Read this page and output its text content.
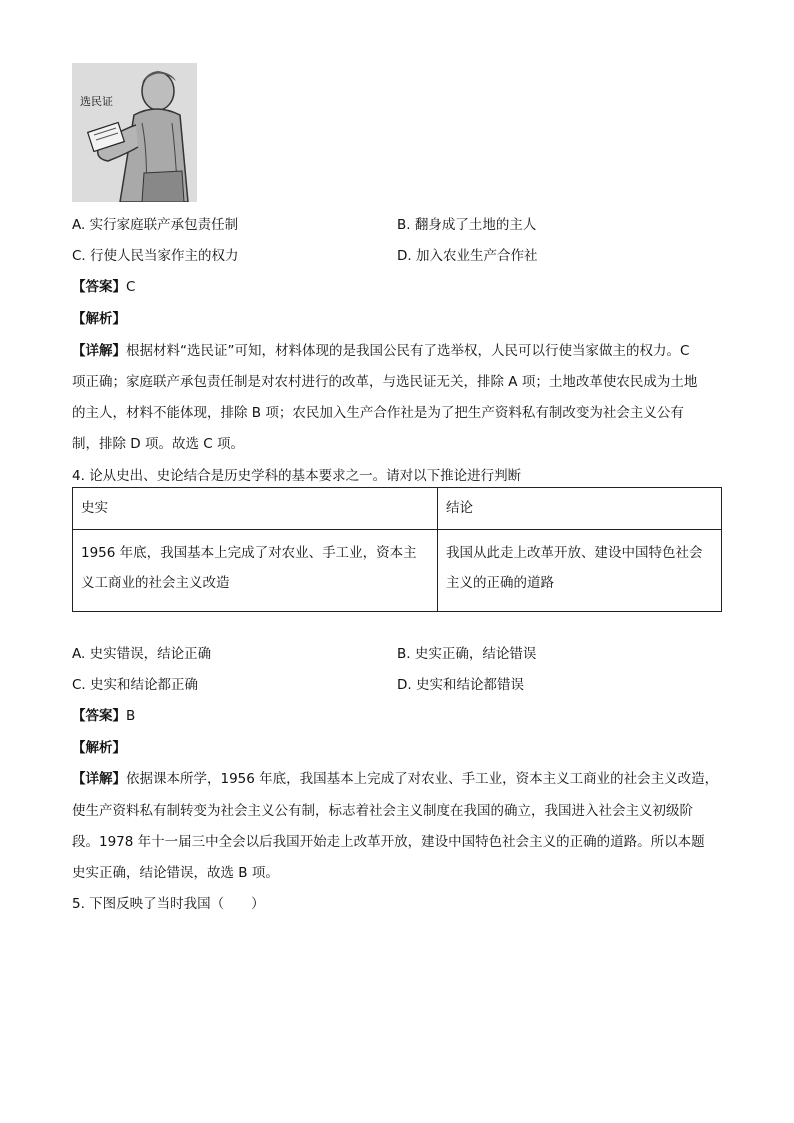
选民证
A. 实行家庭联产承包责任制	B. 翻身成了土地的主人
C. 行使人民当家作主的权力	D. 加入农业生产合作社
【答案】C
【解析】
【详解】根据材料“选民证”可知，材料体现的是我国公民有了选举权，人民可以行使当家做主的权力。C
项正确；家庭联产承包责任制是对农村进行的改革，与选民证无关，排除 A 项；土地改革使农民成为土地
的主人，材料不能体现，排除 B 项；农民加入生产合作社是为了把生产资料私有制改变为社会主义公有
制，排除 D 项。故选 C 项。
4. 论从史出、史论结合是历史学科的基本要求之一。请对以下推论进行判断
史实	结论
1956 年底，我国基本上完成了对农业、手工业，资本主义工商业的社会主义改造	我国从此走上改革开放、建设中国特色社会主义的正确的道路
A. 史实错误，结论正确	B. 史实正确，结论错误
C. 史实和结论都正确	D. 史实和结论都错误
【答案】B
【解析】
【详解】依据课本所学，1956 年底，我国基本上完成了对农业、手工业，资本主义工商业的社会主义改造，
使生产资料私有制转变为社会主义公有制，标志着社会主义制度在我国的确立，我国进入社会主义初级阶
段。1978 年十一届三中全会以后我国开始走上改革开放，建设中国特色社会主义的正确的道路。所以本题
史实正确，结论错误，故选 B 项。
5. 下图反映了当时我国（　　）
